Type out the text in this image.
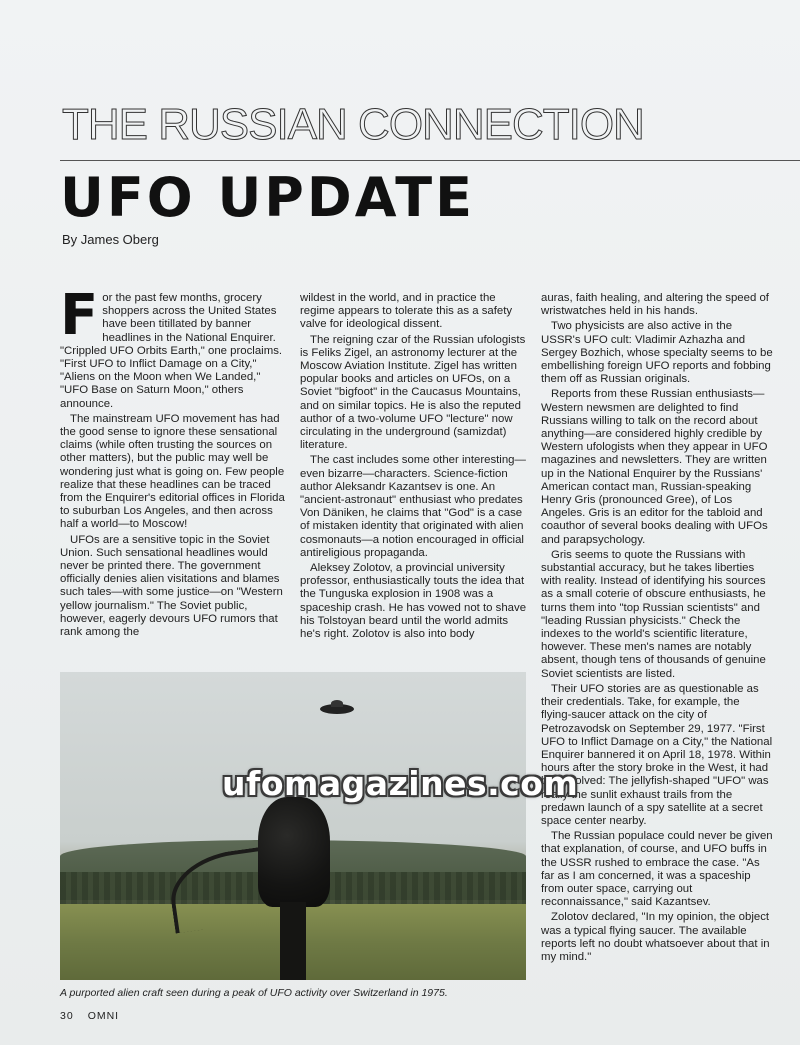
THE RUSSIAN CONNECTION
UFO UPDATE
By James Oberg

For the past few months, grocery shoppers across the United States have been titillated by banner headlines in the National Enquirer. "Crippled UFO Orbits Earth," one proclaims. "First UFO to Inflict Damage on a City," "Aliens on the Moon when We Landed," "UFO Base on Saturn Moon," others announce.

The mainstream UFO movement has had the good sense to ignore these sensational claims (while often trusting the sources on other matters), but the public may well be wondering just what is going on. Few people realize that these headlines can be traced from the Enquirer's editorial offices in Florida to suburban Los Angeles, and then across half a world—to Moscow!

UFOs are a sensitive topic in the Soviet Union. Such sensational headlines would never be printed there. The government officially denies alien visitations and blames such tales—with some justice—on "Western yellow journalism." The Soviet public, however, eagerly devours UFO rumors that rank among the

wildest in the world, and in practice the regime appears to tolerate this as a safety valve for ideological dissent.

The reigning czar of the Russian ufologists is Feliks Zigel, an astronomy lecturer at the Moscow Aviation Institute. Zigel has written popular books and articles on UFOs, on a Soviet "bigfoot" in the Caucasus Mountains, and on similar topics. He is also the reputed author of a two-volume UFO "lecture" now circulating in the underground (samizdat) literature.

The cast includes some other interesting—even bizarre—characters. Science-fiction author Aleksandr Kazantsev is one. An "ancient-astronaut" enthusiast who predates Von Däniken, he claims that "God" is a case of mistaken identity that originated with alien cosmonauts—a notion encouraged in official antireligious propaganda.

Aleksey Zolotov, a provincial university professor, enthusiastically touts the idea that the Tunguska explosion in 1908 was a spaceship crash. He has vowed not to shave his Tolstoyan beard until the world admits he's right. Zolotov is also into body

auras, faith healing, and altering the speed of wristwatches held in his hands.

Two physicists are also active in the USSR's UFO cult: Vladimir Azhazha and Sergey Bozhich, whose specialty seems to be embellishing foreign UFO reports and fobbing them off as Russian originals.

Reports from these Russian enthusiasts—Western newsmen are delighted to find Russians willing to talk on the record about anything—are considered highly credible by Western ufologists when they appear in UFO magazines and newsletters. They are written up in the National Enquirer by the Russians' American contact man, Russian-speaking Henry Gris (pronounced Gree), of Los Angeles. Gris is an editor for the tabloid and coauthor of several books dealing with UFOs and parapsychology.

Gris seems to quote the Russians with substantial accuracy, but he takes liberties with reality. Instead of identifying his sources as a small coterie of obscure enthusiasts, he turns them into "top Russian scientists" and "leading Russian physicists." Check the indexes to the world's scientific literature, however. These men's names are notably absent, though tens of thousands of genuine Soviet scientists are listed.

Their UFO stories are as questionable as their credentials. Take, for example, the flying-saucer attack on the city of Petrozavodsk on September 29, 1977. "First UFO to Inflict Damage on a City," the National Enquirer bannered it on April 18, 1978. Within hours after the story broke in the West, it had been solved: The jellyfish-shaped "UFO" was really the sunlit exhaust trails from the predawn launch of a spy satellite at a secret space center nearby.

The Russian populace could never be given that explanation, of course, and UFO buffs in the USSR rushed to embrace the case. "As far as I am concerned, it was a spaceship from outer space, carrying out reconnaissance," said Kazantsev.

Zolotov declared, "In my opinion, the object was a typical flying saucer. The available reports left no doubt whatsoever about that in my mind."

ufomagazines.com
A purported alien craft seen during a peak of UFO activity over Switzerland in 1975.
30 OMNI
